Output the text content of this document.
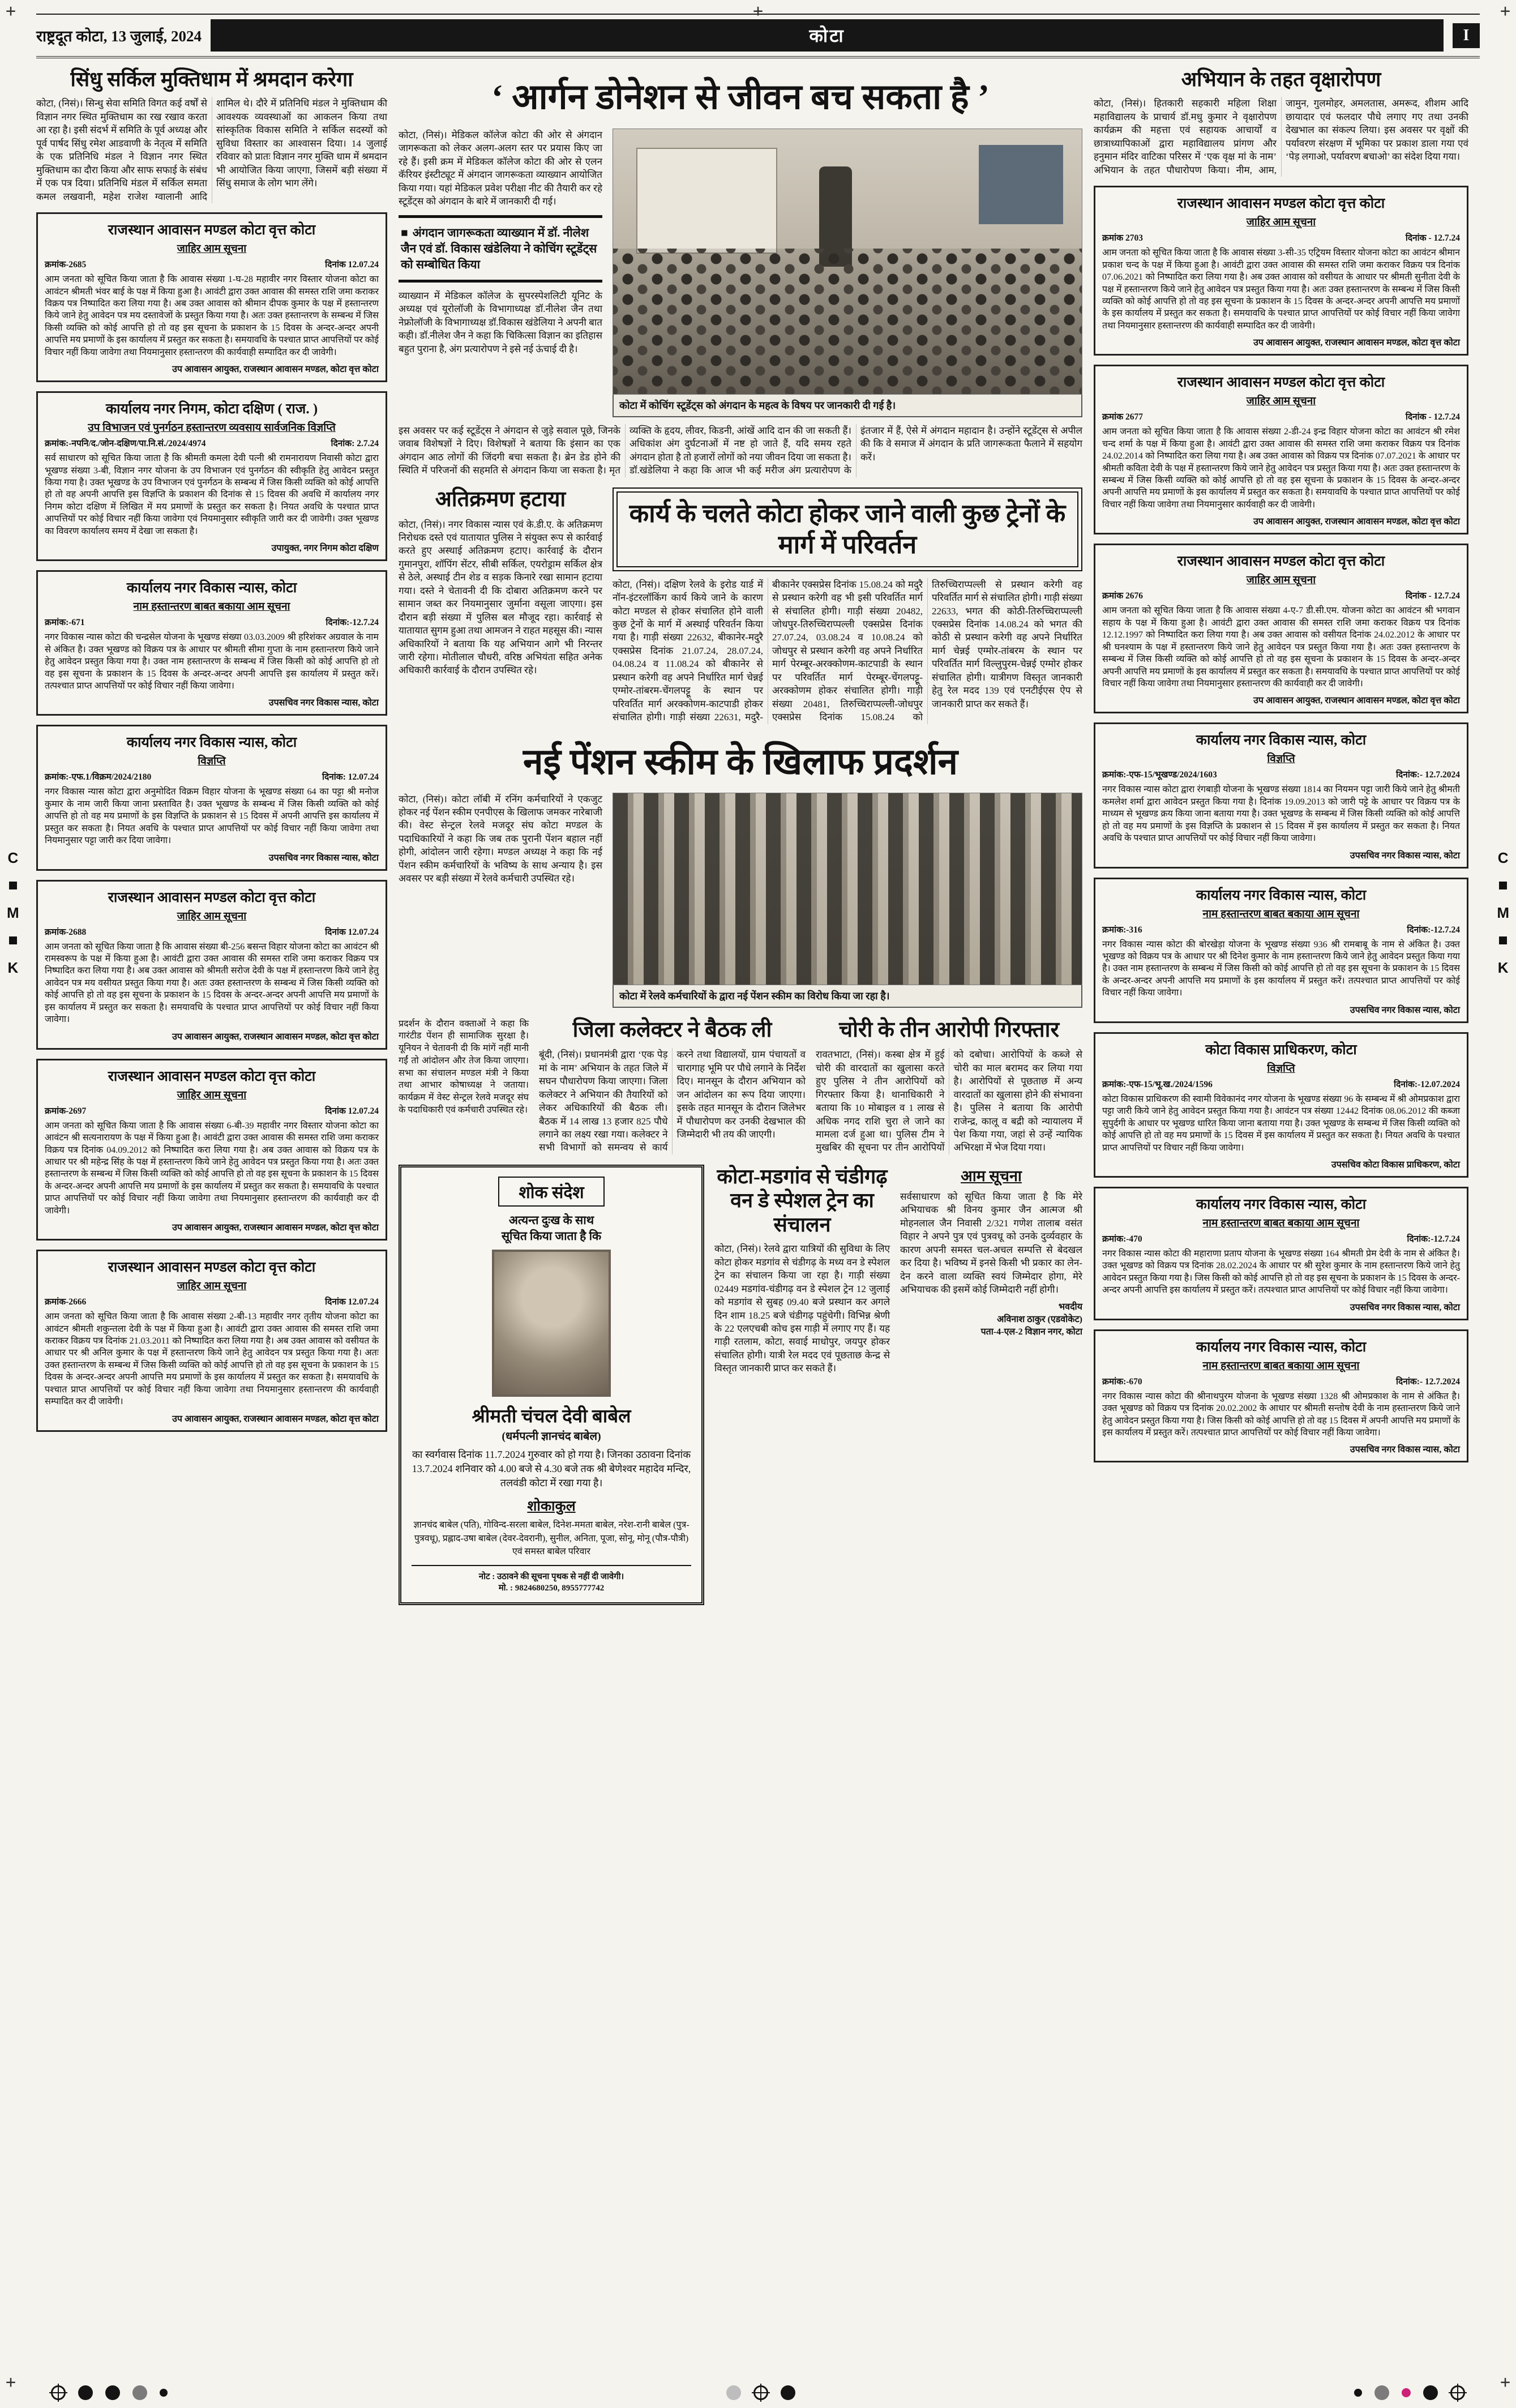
+	+
+
+	+
राष्ट्रदूत कोटा, 13 जुलाई, 2024	कोटा	I
सिंधु सर्किल मुक्तिधाम में श्रमदान करेगा
कोटा, (निसं)। सिन्धु सेवा समिति विगत कई वर्षों से विज्ञान नगर स्थित मुक्तिधाम का रख रखाव करता आ रहा है। इसी संदर्भ में समिति के पूर्व अध्यक्ष और पूर्व पार्षद सिंधु रमेश आडवाणी के नेतृत्व में समिति के एक प्रतिनिधि मंडल ने विज्ञान नगर स्थित मुक्तिधाम का दौरा किया और साफ सफाई के संबंध में एक पत्र दिया। प्रतिनिधि मंडल में सर्किल समता कमल लखवानी, महेश राजेश ग्वालानी आदि शामिल थे। दौरे में प्रतिनिधि मंडल ने मुक्तिधाम की आवश्यक व्यवस्थाओं का आकलन किया तथा सांस्कृतिक विकास समिति ने सर्किल सदस्यों को सुविधा विस्तार का आश्वासन दिया। 14 जुलाई रविवार को प्रातः विज्ञान नगर मुक्ति धाम में श्रमदान भी आयोजित किया जाएगा, जिसमें बड़ी संख्या में सिंधु समाज के लोग भाग लेंगे।
राजस्थान आवासन मण्डल कोटा वृत्त कोटा
जाहिर आम सूचना
क्रमांक-2685	दिनांक 12.07.24
आम जनता को सूचित किया जाता है कि आवास संख्या 1-घ-28 महावीर नगर विस्तार योजना कोटा का आवंटन श्रीमती भंवर बाई के पक्ष में किया हुआ है। आवंटी द्वारा उक्त आवास की समस्त राशि जमा कराकर विक्रय पत्र निष्पादित करा लिया गया है। अब उक्त आवास को श्रीमान दीपक कुमार के पक्ष में हस्तान्तरण किये जाने हेतु आवेदन पत्र मय दस्तावेजों के प्रस्तुत किया गया है। अतः उक्त हस्तान्तरण के सम्बन्ध में जिस किसी व्यक्ति को कोई आपत्ति हो तो वह इस सूचना के प्रकाशन के 15 दिवस के अन्दर-अन्दर अपनी आपत्ति मय प्रमाणों के इस कार्यालय में प्रस्तुत कर सकता है। समयावधि के पश्चात प्राप्त आपत्तियों पर कोई विचार नहीं किया जावेगा तथा नियमानुसार हस्तान्तरण की कार्यवाही सम्पादित कर दी जावेगी।
उप आवासन आयुक्त, राजस्थान आवासन मण्डल, कोटा वृत्त कोटा
कार्यालय नगर निगम, कोटा दक्षिण ( राज. )
उप विभाजन एवं पुनर्गठन हस्तान्तरण व्यवसाय सार्वजनिक विज्ञप्ति
क्रमांक:-नपनि/द./जोन-दक्षिण/पा.नि.सं./2024/4974	दिनांक: 2.7.24
सर्व साधारण को सूचित किया जाता है कि श्रीमती कमला देवी पत्नी श्री रामनारायण निवासी कोटा द्वारा भूखण्ड संख्या 3-बी, विज्ञान नगर योजना के उप विभाजन एवं पुनर्गठन की स्वीकृति हेतु आवेदन प्रस्तुत किया गया है। उक्त भूखण्ड के उप विभाजन एवं पुनर्गठन के सम्बन्ध में जिस किसी व्यक्ति को कोई आपत्ति हो तो वह अपनी आपत्ति इस विज्ञप्ति के प्रकाशन की दिनांक से 15 दिवस की अवधि में कार्यालय नगर निगम कोटा दक्षिण में लिखित में मय प्रमाणों के प्रस्तुत कर सकता है। नियत अवधि के पश्चात प्राप्त आपत्तियों पर कोई विचार नहीं किया जावेगा एवं नियमानुसार स्वीकृति जारी कर दी जावेगी। उक्त भूखण्ड का विवरण कार्यालय समय में देखा जा सकता है।
उपायुक्त, नगर निगम कोटा दक्षिण
कार्यालय नगर विकास न्यास, कोटा
नाम हस्तान्तरण बाबत बकाया आम सूचना
क्रमांक:-671	दिनांक:-12.7.24
नगर विकास न्यास कोटा की चन्द्रसेल योजना के भूखण्ड संख्या 03.03.2009 श्री हरिशंकर अग्रवाल के नाम से अंकित है। उक्त भूखण्ड को विक्रय पत्र के आधार पर श्रीमती सीमा गुप्ता के नाम हस्तान्तरण किये जाने हेतु आवेदन प्रस्तुत किया गया है। उक्त नाम हस्तान्तरण के सम्बन्ध में जिस किसी को कोई आपत्ति हो तो वह इस सूचना के प्रकाशन के 15 दिवस के अन्दर-अन्दर अपनी आपत्ति इस कार्यालय में प्रस्तुत करें। तत्पश्चात प्राप्त आपत्तियों पर कोई विचार नहीं किया जावेगा।
उपसचिव नगर विकास न्यास, कोटा
कार्यालय नगर विकास न्यास, कोटा
विज्ञप्ति
क्रमांक:-एफ.1/विक्रम/2024/2180	दिनांक: 12.07.24
नगर विकास न्यास कोटा द्वारा अनुमोदित विक्रम विहार योजना के भूखण्ड संख्या 64 का पट्टा श्री मनोज कुमार के नाम जारी किया जाना प्रस्तावित है। उक्त भूखण्ड के सम्बन्ध में जिस किसी व्यक्ति को कोई आपत्ति हो तो वह मय प्रमाणों के इस विज्ञप्ति के प्रकाशन से 15 दिवस में अपनी आपत्ति इस कार्यालय में प्रस्तुत कर सकता है। नियत अवधि के पश्चात प्राप्त आपत्तियों पर कोई विचार नहीं किया जावेगा तथा नियमानुसार पट्टा जारी कर दिया जावेगा।
उपसचिव नगर विकास न्यास, कोटा
राजस्थान आवासन मण्डल कोटा वृत्त कोटा
जाहिर आम सूचना
क्रमांक-2688	दिनांक 12.07.24
आम जनता को सूचित किया जाता है कि आवास संख्या बी-256 बसन्त विहार योजना कोटा का आवंटन श्री रामस्वरूप के पक्ष में किया हुआ है। आवंटी द्वारा उक्त आवास की समस्त राशि जमा कराकर विक्रय पत्र निष्पादित करा लिया गया है। अब उक्त आवास को श्रीमती सरोज देवी के पक्ष में हस्तान्तरण किये जाने हेतु आवेदन पत्र मय वसीयत प्रस्तुत किया गया है। अतः उक्त हस्तान्तरण के सम्बन्ध में जिस किसी व्यक्ति को कोई आपत्ति हो तो वह इस सूचना के प्रकाशन के 15 दिवस के अन्दर-अन्दर अपनी आपत्ति मय प्रमाणों के इस कार्यालय में प्रस्तुत कर सकता है। समयावधि के पश्चात प्राप्त आपत्तियों पर कोई विचार नहीं किया जावेगा।
उप आवासन आयुक्त, राजस्थान आवासन मण्डल, कोटा वृत्त कोटा
राजस्थान आवासन मण्डल कोटा वृत्त कोटा
जाहिर आम सूचना
क्रमांक-2697	दिनांक 12.07.24
आम जनता को सूचित किया जाता है कि आवास संख्या 6-बी-39 महावीर नगर विस्तार योजना कोटा का आवंटन श्री सत्यनारायण के पक्ष में किया हुआ है। आवंटी द्वारा उक्त आवास की समस्त राशि जमा कराकर विक्रय पत्र दिनांक 04.09.2012 को निष्पादित करा लिया गया है। अब उक्त आवास को विक्रय पत्र के आधार पर श्री महेन्द्र सिंह के पक्ष में हस्तान्तरण किये जाने हेतु आवेदन पत्र प्रस्तुत किया गया है। अतः उक्त हस्तान्तरण के सम्बन्ध में जिस किसी व्यक्ति को कोई आपत्ति हो तो वह इस सूचना के प्रकाशन के 15 दिवस के अन्दर-अन्दर अपनी आपत्ति मय प्रमाणों के इस कार्यालय में प्रस्तुत कर सकता है। समयावधि के पश्चात प्राप्त आपत्तियों पर कोई विचार नहीं किया जावेगा तथा नियमानुसार हस्तान्तरण की कार्यवाही कर दी जावेगी।
उप आवासन आयुक्त, राजस्थान आवासन मण्डल, कोटा वृत्त कोटा
राजस्थान आवासन मण्डल कोटा वृत्त कोटा
जाहिर आम सूचना
क्रमांक-2666	दिनांक 12.07.24
आम जनता को सूचित किया जाता है कि आवास संख्या 2-बी-13 महावीर नगर तृतीय योजना कोटा का आवंटन श्रीमती शकुन्तला देवी के पक्ष में किया हुआ है। आवंटी द्वारा उक्त आवास की समस्त राशि जमा कराकर विक्रय पत्र दिनांक 21.03.2011 को निष्पादित करा लिया गया है। अब उक्त आवास को वसीयत के आधार पर श्री अनिल कुमार के पक्ष में हस्तान्तरण किये जाने हेतु आवेदन पत्र प्रस्तुत किया गया है। अतः उक्त हस्तान्तरण के सम्बन्ध में जिस किसी व्यक्ति को कोई आपत्ति हो तो वह इस सूचना के प्रकाशन के 15 दिवस के अन्दर-अन्दर अपनी आपत्ति मय प्रमाणों के इस कार्यालय में प्रस्तुत कर सकता है। समयावधि के पश्चात प्राप्त आपत्तियों पर कोई विचार नहीं किया जावेगा तथा नियमानुसार हस्तान्तरण की कार्यवाही सम्पादित कर दी जावेगी।
उप आवासन आयुक्त, राजस्थान आवासन मण्डल, कोटा वृत्त कोटा
‘ आर्गन डोनेशन से जीवन बच सकता है ’

कोटा, (निसं)। मेडिकल कॉलेज कोटा की ओर से अंगदान जागरूकता को लेकर अलग-अलग स्तर पर प्रयास किए जा रहे हैं। इसी क्रम में मेडिकल कॉलेज कोटा की ओर से एलन कॅरियर इंस्टीट्यूट में अंगदान जागरूकता व्याख्यान आयोजित किया गया। यहां मेडिकल प्रवेश परीक्षा नीट की तैयारी कर रहे स्टूडेंट्स को अंगदान के बारे में जानकारी दी गई।

■ अंगदान जागरूकता व्याख्यान में डॉ. नीलेश जैन एवं डॉ. विकास खंडेलिया ने कोचिंग स्टूडेंट्स को सम्बोधित किया

व्याख्यान में मेडिकल कॉलेज के सुपरस्पेशलिटी यूनिट के अध्यक्ष एवं यूरोलॉजी के विभागाध्यक्ष डॉ.नीलेश जैन तथा नेफ्रोलॉजी के विभागाध्यक्ष डॉ.विकास खंडेलिया ने अपनी बात कही। डॉ.नीलेश जैन ने कहा कि चिकित्सा विज्ञान का इतिहास बहुत पुराना है, अंग प्रत्यारोपण ने इसे नई ऊंचाई दी है।

कोटा में कोचिंग स्टूडेंट्स को अंगदान के महत्व के विषय पर जानकारी दी गई है।
इस अवसर पर कई स्टूडेंट्स ने अंगदान से जुड़े सवाल पूछे, जिनके जवाब विशेषज्ञों ने दिए। विशेषज्ञों ने बताया कि इंसान का एक अंगदान आठ लोगों की जिंदगी बचा सकता है। ब्रेन डेड होने की स्थिति में परिजनों की सहमति से अंगदान किया जा सकता है। मृत व्यक्ति के हृदय, लीवर, किडनी, आंखें आदि दान की जा सकती हैं। अधिकांश अंग दुर्घटनाओं में नष्ट हो जाते हैं, यदि समय रहते अंगदान होता है तो हजारों लोगों को नया जीवन दिया जा सकता है। डॉ.खंडेलिया ने कहा कि आज भी कई मरीज अंग प्रत्यारोपण के इंतजार में हैं, ऐसे में अंगदान महादान है। उन्होंने स्टूडेंट्स से अपील की कि वे समाज में अंगदान के प्रति जागरूकता फैलाने में सहयोग करें।
अतिक्रमण हटाया
कोटा, (निसं)। नगर विकास न्यास एवं के.डी.ए. के अतिक्रमण निरोधक दस्ते एवं यातायात पुलिस ने संयुक्त रूप से कार्रवाई करते हुए अस्थाई अतिक्रमण हटाए। कार्रवाई के दौरान गुमानपुरा, शॉपिंग सेंटर, सीबी सर्किल, एयरोड्राम सर्किल क्षेत्र से ठेले, अस्थाई टीन शेड व सड़क किनारे रखा सामान हटाया गया। दस्ते ने चेतावनी दी कि दोबारा अतिक्रमण करने पर सामान जब्त कर नियमानुसार जुर्माना वसूला जाएगा। इस दौरान बड़ी संख्या में पुलिस बल मौजूद रहा। कार्रवाई से यातायात सुगम हुआ तथा आमजन ने राहत महसूस की। न्यास अधिकारियों ने बताया कि यह अभियान आगे भी निरन्तर जारी रहेगा। मोतीलाल चौधरी, वरिष्ठ अभियंता सहित अनेक अधिकारी कार्रवाई के दौरान उपस्थित रहे।
कार्य के चलते कोटा होकर जाने वाली कुछ ट्रेनों के मार्ग में परिवर्तन
कोटा, (निसं)। दक्षिण रेलवे के इरोड यार्ड में नॉन-इंटरलॉकिंग कार्य किये जाने के कारण कोटा मण्डल से होकर संचालित होने वाली कुछ ट्रेनों के मार्ग में अस्थाई परिवर्तन किया गया है। गाड़ी संख्या 22632, बीकानेर-मदुरै एक्सप्रेस दिनांक 21.07.24, 28.07.24, 04.08.24 व 11.08.24 को बीकानेर से प्रस्थान करेगी वह अपने निर्धारित मार्ग चेन्नई एग्मोर-तांबरम-चेंगलपट्टू के स्थान पर परिवर्तित मार्ग अरक्कोणम-काटपाडी होकर संचालित होगी। गाड़ी संख्या 22631, मदुरै-बीकानेर एक्सप्रेस दिनांक 15.08.24 को मदुरै से प्रस्थान करेगी वह भी इसी परिवर्तित मार्ग से संचालित होगी। गाड़ी संख्या 20482, जोधपुर-तिरुच्चिराप्पल्ली एक्सप्रेस दिनांक 27.07.24, 03.08.24 व 10.08.24 को जोधपुर से प्रस्थान करेगी वह अपने निर्धारित मार्ग पेरम्बूर-अरक्कोणम-काटपाडी के स्थान पर परिवर्तित मार्ग पेरम्बूर-चेंगलपट्टू-अरक्कोणम होकर संचालित होगी। गाड़ी संख्या 20481, तिरुच्चिराप्पल्ली-जोधपुर एक्सप्रेस दिनांक 15.08.24 को तिरुच्चिराप्पल्ली से प्रस्थान करेगी वह परिवर्तित मार्ग से संचालित होगी। गाड़ी संख्या 22633, भगत की कोठी-तिरुच्चिराप्पल्ली एक्सप्रेस दिनांक 14.08.24 को भगत की कोठी से प्रस्थान करेगी वह अपने निर्धारित मार्ग चेन्नई एग्मोर-तांबरम के स्थान पर परिवर्तित मार्ग विल्लुपुरम-चेन्नई एग्मोर होकर संचालित होगी। यात्रीगण विस्तृत जानकारी हेतु रेल मदद 139 एवं एनटीईएस ऐप से जानकारी प्राप्त कर सकते हैं।
नई पेंशन स्कीम के खिलाफ प्रदर्शन
कोटा, (निसं)। कोटा लॉबी में रनिंग कर्मचारियों ने एकजुट होकर नई पेंशन स्कीम एनपीएस के खिलाफ जमकर नारेबाजी की। वेस्ट सेन्ट्रल रेलवे मजदूर संघ कोटा मण्डल के पदाधिकारियों ने कहा कि जब तक पुरानी पेंशन बहाल नहीं होगी, आंदोलन जारी रहेगा। मण्डल अध्यक्ष ने कहा कि नई पेंशन स्कीम कर्मचारियों के भविष्य के साथ अन्याय है। इस अवसर पर बड़ी संख्या में रेलवे कर्मचारी उपस्थित रहे।
कोटा में रेलवे कर्मचारियों के द्वारा नई पेंशन स्कीम का विरोध किया जा रहा है।
प्रदर्शन के दौरान वक्ताओं ने कहा कि गारंटीड पेंशन ही सामाजिक सुरक्षा है। यूनियन ने चेतावनी दी कि मांगें नहीं मानी गईं तो आंदोलन और तेज किया जाएगा। सभा का संचालन मण्डल मंत्री ने किया तथा आभार कोषाध्यक्ष ने जताया। कार्यक्रम में वेस्ट सेन्ट्रल रेलवे मजदूर संघ के पदाधिकारी एवं कर्मचारी उपस्थित रहे।
जिला कलेक्टर ने बैठक ली
बूंदी, (निसं)। प्रधानमंत्री द्वारा ‘एक पेड़ मां के नाम’ अभियान के तहत जिले में सघन पौधारोपण किया जाएगा। जिला कलेक्टर ने अभियान की तैयारियों को लेकर अधिकारियों की बैठक ली। बैठक में 14 लाख 13 हजार 825 पौधे लगाने का लक्ष्य रखा गया। कलेक्टर ने सभी विभागों को समन्वय से कार्य करने तथा विद्यालयों, ग्राम पंचायतों व चारागाह भूमि पर पौधे लगाने के निर्देश दिए। मानसून के दौरान अभियान को जन आंदोलन का रूप दिया जाएगा। इसके तहत मानसून के दौरान जिलेभर में पौधारोपण कर उनकी देखभाल की जिम्मेदारी भी तय की जाएगी।
चोरी के तीन आरोपी गिरफ्तार
रावतभाटा, (निसं)। कस्बा क्षेत्र में हुई चोरी की वारदातों का खुलासा करते हुए पुलिस ने तीन आरोपियों को गिरफ्तार किया है। थानाधिकारी ने बताया कि 10 मोबाइल व 1 लाख से अधिक नगद राशि चुरा ले जाने का मामला दर्ज हुआ था। पुलिस टीम ने मुखबिर की सूचना पर तीन आरोपियों को दबोचा। आरोपियों के कब्जे से चोरी का माल बरामद कर लिया गया है। आरोपियों से पूछताछ में अन्य वारदातों का खुलासा होने की संभावना है। पुलिस ने बताया कि आरोपी राजेन्द्र, कालू व बद्री को न्यायालय में पेश किया गया, जहां से उन्हें न्यायिक अभिरक्षा में भेज दिया गया।
शोक संदेश

अत्यन्त दुःख के साथ

सूचित किया जाता है कि

श्रीमती चंचल देवी बाबेल
(धर्मपत्नी ज्ञानचंद बाबेल)

का स्वर्गवास दिनांक 11.7.2024 गुरुवार को हो गया है। जिनका उठावना दिनांक 13.7.2024 शनिवार को 4.00 बजे से 4.30 बजे तक श्री बेणेश्वर महादेव मन्दिर, तलवंडी कोटा में रखा गया है।

शोकाकुल

ज्ञानचंद बाबेल (पति), गोविन्द-सरला बाबेल, दिनेश-ममता बाबेल, नरेश-रानी बाबेल (पुत्र-पुत्रवधू), प्रह्लाद-उषा बाबेल (देवर-देवरानी), सुनील, अनिता, पूजा, सोनू, मोनू (पौत्र-पौत्री) एवं समस्त बाबेल परिवार

नोट : उठावने की सूचना पृथक से नहीं दी जावेगी।
मो. : 9824680250, 8955777742
कोटा-मडगांव से चंडीगढ़ वन डे स्पेशल ट्रेन का संचालन
कोटा, (निसं)। रेलवे द्वारा यात्रियों की सुविधा के लिए कोटा होकर मडगांव से चंडीगढ़ के मध्य वन डे स्पेशल ट्रेन का संचालन किया जा रहा है। गाड़ी संख्या 02449 मडगांव-चंडीगढ़ वन डे स्पेशल ट्रेन 12 जुलाई को मडगांव से सुबह 09.40 बजे प्रस्थान कर अगले दिन शाम 18.25 बजे चंडीगढ़ पहुंचेगी। विभिन्न श्रेणी के 22 एलएचबी कोच इस गाड़ी में लगाए गए हैं। यह गाड़ी रतलाम, कोटा, सवाई माधोपुर, जयपुर होकर संचालित होगी। यात्री रेल मदद एवं पूछताछ केन्द्र से विस्तृत जानकारी प्राप्त कर सकते हैं।
आम सूचना
सर्वसाधारण को सूचित किया जाता है कि मेरे अभियाचक श्री विनय कुमार जैन आत्मज श्री मोहनलाल जैन निवासी 2/321 गणेश तालाब वसंत विहार ने अपने पुत्र एवं पुत्रवधू को उनके दुर्व्यवहार के कारण अपनी समस्त चल-अचल सम्पत्ति से बेदखल कर दिया है। भविष्य में इनसे किसी भी प्रकार का लेन-देन करने वाला व्यक्ति स्वयं जिम्मेदार होगा, मेरे अभियाचक की इसमें कोई जिम्मेदारी नहीं होगी।
भवदीय
अविनाश ठाकुर (एडवोकेट)
पता-4-एल-2 विज्ञान नगर, कोटा
अभियान के तहत वृक्षारोपण
कोटा, (निसं)। हितकारी सहकारी महिला शिक्षा महाविद्यालय के प्राचार्य डॉ.मधु कुमार ने वृक्षारोपण कार्यक्रम की महत्ता एवं सहायक आचार्यों व छात्राध्यापिकाओं द्वारा महाविद्यालय प्रांगण और हनुमान मंदिर वाटिका परिसर में ‘एक वृक्ष मां के नाम’ अभियान के तहत पौधारोपण किया। नीम, आम, जामुन, गुलमोहर, अमलतास, अमरूद, शीशम आदि छायादार एवं फलदार पौधे लगाए गए तथा उनकी देखभाल का संकल्प लिया। इस अवसर पर वृक्षों की पर्यावरण संरक्षण में भूमिका पर प्रकाश डाला गया एवं ‘पेड़ लगाओ, पर्यावरण बचाओ’ का संदेश दिया गया।
राजस्थान आवासन मण्डल कोटा वृत्त कोटा
जाहिर आम सूचना
क्रमांक 2703	दिनांक - 12.7.24
आम जनता को सूचित किया जाता है कि आवास संख्या 3-सी-35 एट्रियम विस्तार योजना कोटा का आवंटन श्रीमान प्रकाश चन्द के पक्ष में किया हुआ है। आवंटी द्वारा उक्त आवास की समस्त राशि जमा कराकर विक्रय पत्र दिनांक 07.06.2021 को निष्पादित करा लिया गया है। अब उक्त आवास को वसीयत के आधार पर श्रीमती सुनीता देवी के पक्ष में हस्तान्तरण किये जाने हेतु आवेदन पत्र प्रस्तुत किया गया है। अतः उक्त हस्तान्तरण के सम्बन्ध में जिस किसी व्यक्ति को कोई आपत्ति हो तो वह इस सूचना के प्रकाशन के 15 दिवस के अन्दर-अन्दर अपनी आपत्ति मय प्रमाणों के इस कार्यालय में प्रस्तुत कर सकता है। समयावधि के पश्चात प्राप्त आपत्तियों पर कोई विचार नहीं किया जावेगा तथा नियमानुसार हस्तान्तरण की कार्यवाही सम्पादित कर दी जावेगी।
उप आवासन आयुक्त, राजस्थान आवासन मण्डल, कोटा वृत्त कोटा
राजस्थान आवासन मण्डल कोटा वृत्त कोटा
जाहिर आम सूचना
क्रमांक 2677	दिनांक - 12.7.24
आम जनता को सूचित किया जाता है कि आवास संख्या 2-डी-24 इन्द्र विहार योजना कोटा का आवंटन श्री रमेश चन्द शर्मा के पक्ष में किया हुआ है। आवंटी द्वारा उक्त आवास की समस्त राशि जमा कराकर विक्रय पत्र दिनांक 24.02.2014 को निष्पादित करा लिया गया है। अब उक्त आवास को विक्रय पत्र दिनांक 07.07.2021 के आधार पर श्रीमती कविता देवी के पक्ष में हस्तान्तरण किये जाने हेतु आवेदन पत्र प्रस्तुत किया गया है। अतः उक्त हस्तान्तरण के सम्बन्ध में जिस किसी व्यक्ति को कोई आपत्ति हो तो वह इस सूचना के प्रकाशन के 15 दिवस के अन्दर-अन्दर अपनी आपत्ति मय प्रमाणों के इस कार्यालय में प्रस्तुत कर सकता है। समयावधि के पश्चात प्राप्त आपत्तियों पर कोई विचार नहीं किया जावेगा तथा नियमानुसार कार्यवाही कर दी जावेगी।
उप आवासन आयुक्त, राजस्थान आवासन मण्डल, कोटा वृत्त कोटा
राजस्थान आवासन मण्डल कोटा वृत्त कोटा
जाहिर आम सूचना
क्रमांक 2676	दिनांक - 12.7.24
आम जनता को सूचित किया जाता है कि आवास संख्या 4-ए-7 डी.सी.एम. योजना कोटा का आवंटन श्री भगवान सहाय के पक्ष में किया हुआ है। आवंटी द्वारा उक्त आवास की समस्त राशि जमा कराकर विक्रय पत्र दिनांक 12.12.1997 को निष्पादित करा लिया गया है। अब उक्त आवास को वसीयत दिनांक 24.02.2012 के आधार पर श्री घनश्याम के पक्ष में हस्तान्तरण किये जाने हेतु आवेदन पत्र प्रस्तुत किया गया है। अतः उक्त हस्तान्तरण के सम्बन्ध में जिस किसी व्यक्ति को कोई आपत्ति हो तो वह इस सूचना के प्रकाशन के 15 दिवस के अन्दर-अन्दर अपनी आपत्ति मय प्रमाणों के इस कार्यालय में प्रस्तुत कर सकता है। समयावधि के पश्चात प्राप्त आपत्तियों पर कोई विचार नहीं किया जावेगा तथा नियमानुसार हस्तान्तरण की कार्यवाही कर दी जावेगी।
उप आवासन आयुक्त, राजस्थान आवासन मण्डल, कोटा वृत्त कोटा
कार्यालय नगर विकास न्यास, कोटा
विज्ञप्ति
क्रमांक:-एफ-15/भूखण्ड/2024/1603	दिनांक:- 12.7.2024
नगर विकास न्यास कोटा द्वारा रंगबाड़ी योजना के भूखण्ड संख्या 1814 का नियमन पट्टा जारी किये जाने हेतु श्रीमती कमलेश शर्मा द्वारा आवेदन प्रस्तुत किया गया है। दिनांक 19.09.2013 को जारी पट्टे के आधार पर विक्रय पत्र के माध्यम से भूखण्ड क्रय किया जाना बताया गया है। उक्त भूखण्ड के सम्बन्ध में जिस किसी व्यक्ति को कोई आपत्ति हो तो वह मय प्रमाणों के इस विज्ञप्ति के प्रकाशन से 15 दिवस में इस कार्यालय में प्रस्तुत कर सकता है। नियत अवधि के पश्चात प्राप्त आपत्तियों पर कोई विचार नहीं किया जावेगा।
उपसचिव नगर विकास न्यास, कोटा
कार्यालय नगर विकास न्यास, कोटा
नाम हस्तान्तरण बाबत बकाया आम सूचना
क्रमांक:-316	दिनांक:-12.7.24
नगर विकास न्यास कोटा की बोरखेड़ा योजना के भूखण्ड संख्या 936 श्री रामबाबू के नाम से अंकित है। उक्त भूखण्ड को विक्रय पत्र के आधार पर श्री दिनेश कुमार के नाम हस्तान्तरण किये जाने हेतु आवेदन प्रस्तुत किया गया है। उक्त नाम हस्तान्तरण के सम्बन्ध में जिस किसी को कोई आपत्ति हो तो वह इस सूचना के प्रकाशन के 15 दिवस के अन्दर-अन्दर अपनी आपत्ति मय प्रमाणों के इस कार्यालय में प्रस्तुत करें। तत्पश्चात प्राप्त आपत्तियों पर कोई विचार नहीं किया जावेगा।
उपसचिव नगर विकास न्यास, कोटा
कोटा विकास प्राधिकरण, कोटा
विज्ञप्ति
क्रमांक:-एफ-15/भू.ख./2024/1596	दिनांक:-12.07.2024
कोटा विकास प्राधिकरण की स्वामी विवेकानंद नगर योजना के भूखण्ड संख्या 96 के सम्बन्ध में श्री ओमप्रकाश द्वारा पट्टा जारी किये जाने हेतु आवेदन प्रस्तुत किया गया है। आवंटन पत्र संख्या 12442 दिनांक 08.06.2012 की कब्जा सुपुर्दगी के आधार पर भूखण्ड धारित किया जाना बताया गया है। उक्त भूखण्ड के सम्बन्ध में जिस किसी व्यक्ति को कोई आपत्ति हो तो वह मय प्रमाणों के 15 दिवस में इस कार्यालय में प्रस्तुत कर सकता है। नियत अवधि के पश्चात प्राप्त आपत्तियों पर विचार नहीं किया जावेगा।
उपसचिव कोटा विकास प्राधिकरण, कोटा
कार्यालय नगर विकास न्यास, कोटा
नाम हस्तान्तरण बाबत बकाया आम सूचना
क्रमांक:-470	दिनांक:-12.7.24
नगर विकास न्यास कोटा की महाराणा प्रताप योजना के भूखण्ड संख्या 164 श्रीमती प्रेम देवी के नाम से अंकित है। उक्त भूखण्ड को विक्रय पत्र दिनांक 28.02.2024 के आधार पर श्री सुरेश कुमार के नाम हस्तान्तरण किये जाने हेतु आवेदन प्रस्तुत किया गया है। जिस किसी को कोई आपत्ति हो तो वह इस सूचना के प्रकाशन के 15 दिवस के अन्दर-अन्दर अपनी आपत्ति इस कार्यालय में प्रस्तुत करें। तत्पश्चात प्राप्त आपत्तियों पर कोई विचार नहीं किया जावेगा।
उपसचिव नगर विकास न्यास, कोटा
कार्यालय नगर विकास न्यास, कोटा
नाम हस्तान्तरण बाबत बकाया आम सूचना
क्रमांक:-670	दिनांक:- 12.7.2024
नगर विकास न्यास कोटा की श्रीनाथपुरम योजना के भूखण्ड संख्या 1328 श्री ओमप्रकाश के नाम से अंकित है। उक्त भूखण्ड को विक्रय पत्र दिनांक 20.02.2002 के आधार पर श्रीमती सन्तोष देवी के नाम हस्तान्तरण किये जाने हेतु आवेदन प्रस्तुत किया गया है। जिस किसी को कोई आपत्ति हो तो वह 15 दिवस में अपनी आपत्ति मय प्रमाणों के इस कार्यालय में प्रस्तुत करें। तत्पश्चात प्राप्त आपत्तियों पर कोई विचार नहीं किया जावेगा।
उपसचिव नगर विकास न्यास, कोटा
C
M
K
C
M
K
